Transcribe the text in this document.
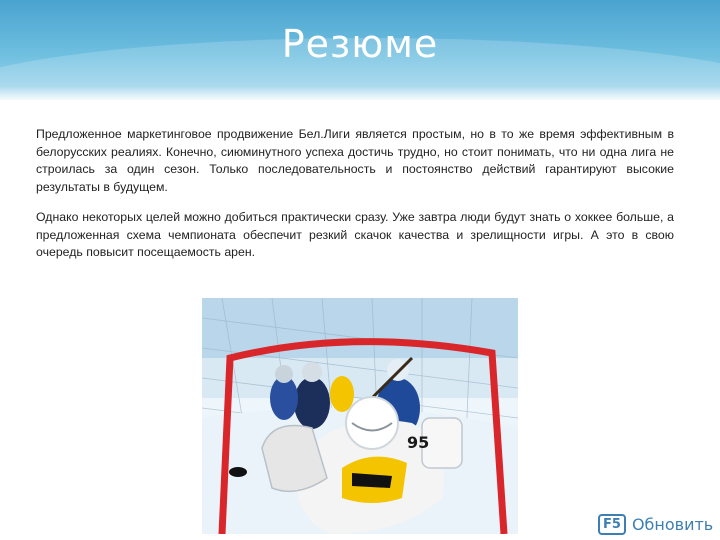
Резюме

Предложенное маркетинговое продвижение Бел.Лиги является простым, но в то же время эффективным в белорусских реалиях. Конечно, сиюминутного успеха достичь трудно, но стоит понимать, что ни одна лига не строилась за один сезон. Только последовательность и постоянство действий гарантируют высокие результаты в будущем.

Однако некоторых целей можно добиться практически сразу. Уже завтра люди будут знать о хоккее больше, а предложенная схема чемпионата обеспечит резкий скачок качества и зрелищности игры. А это в свою очередь повысит посещаемость арен.

95
F5 Обновить
